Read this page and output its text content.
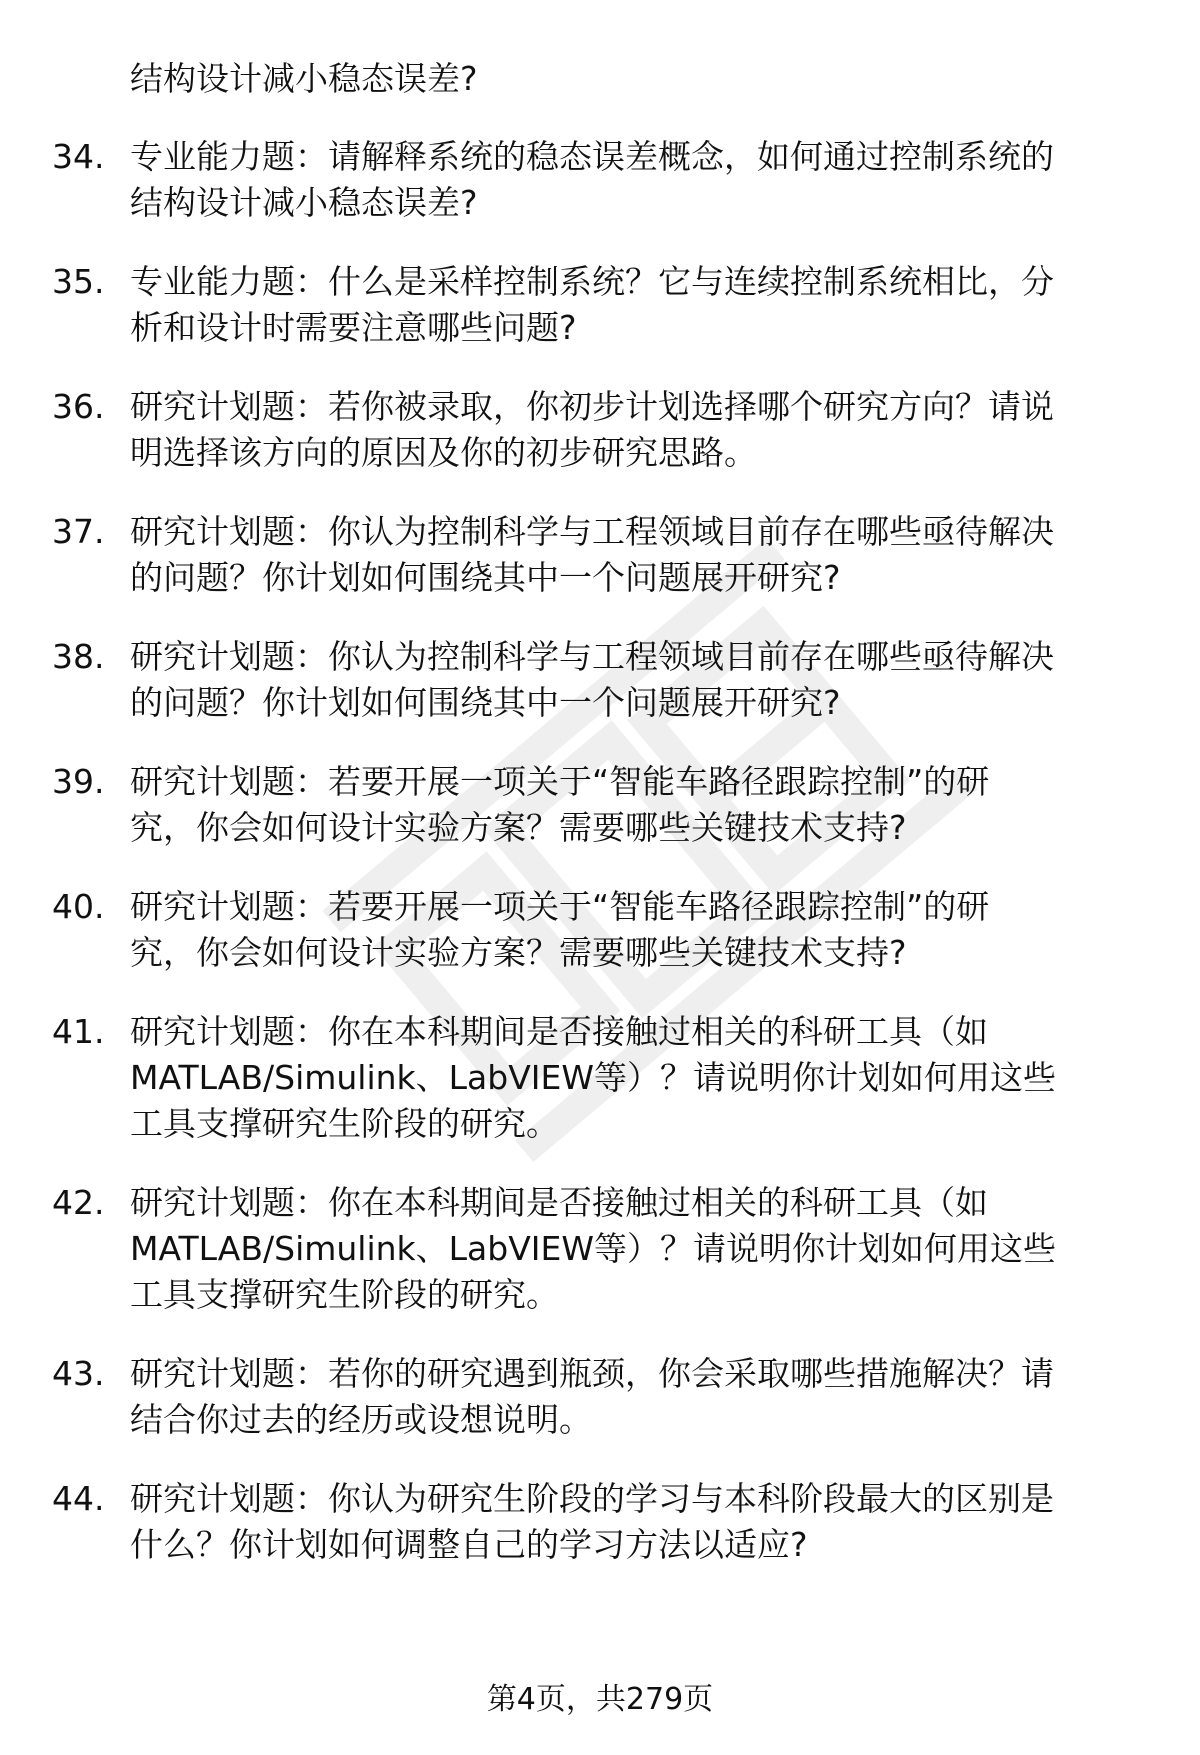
结构设计减小稳态误差?

34. 专业能力题：请解释系统的稳态误差概念，如何通过控制系统的
结构设计减小稳态误差?

35. 专业能力题：什么是采样控制系统？它与连续控制系统相比，分
析和设计时需要注意哪些问题?

36. 研究计划题：若你被录取，你初步计划选择哪个研究方向？请说
明选择该方向的原因及你的初步研究思路。

37. 研究计划题：你认为控制科学与工程领域目前存在哪些亟待解决
的问题？你计划如何围绕其中一个问题展开研究?

38. 研究计划题：你认为控制科学与工程领域目前存在哪些亟待解决
的问题？你计划如何围绕其中一个问题展开研究?

39. 研究计划题：若要开展一项关于“智能车路径跟踪控制”的研
究，你会如何设计实验方案？需要哪些关键技术支持?

40. 研究计划题：若要开展一项关于“智能车路径跟踪控制”的研
究，你会如何设计实验方案？需要哪些关键技术支持?

41. 研究计划题：你在本科期间是否接触过相关的科研工具（如
MATLAB/Simulink、LabVIEW等）？请说明你计划如何用这些
工具支撑研究生阶段的研究。

42. 研究计划题：你在本科期间是否接触过相关的科研工具（如
MATLAB/Simulink、LabVIEW等）？请说明你计划如何用这些
工具支撑研究生阶段的研究。

43. 研究计划题：若你的研究遇到瓶颈，你会采取哪些措施解决？请
结合你过去的经历或设想说明。

44. 研究计划题：你认为研究生阶段的学习与本科阶段最大的区别是
什么？你计划如何调整自己的学习方法以适应?

第4页，共279页
